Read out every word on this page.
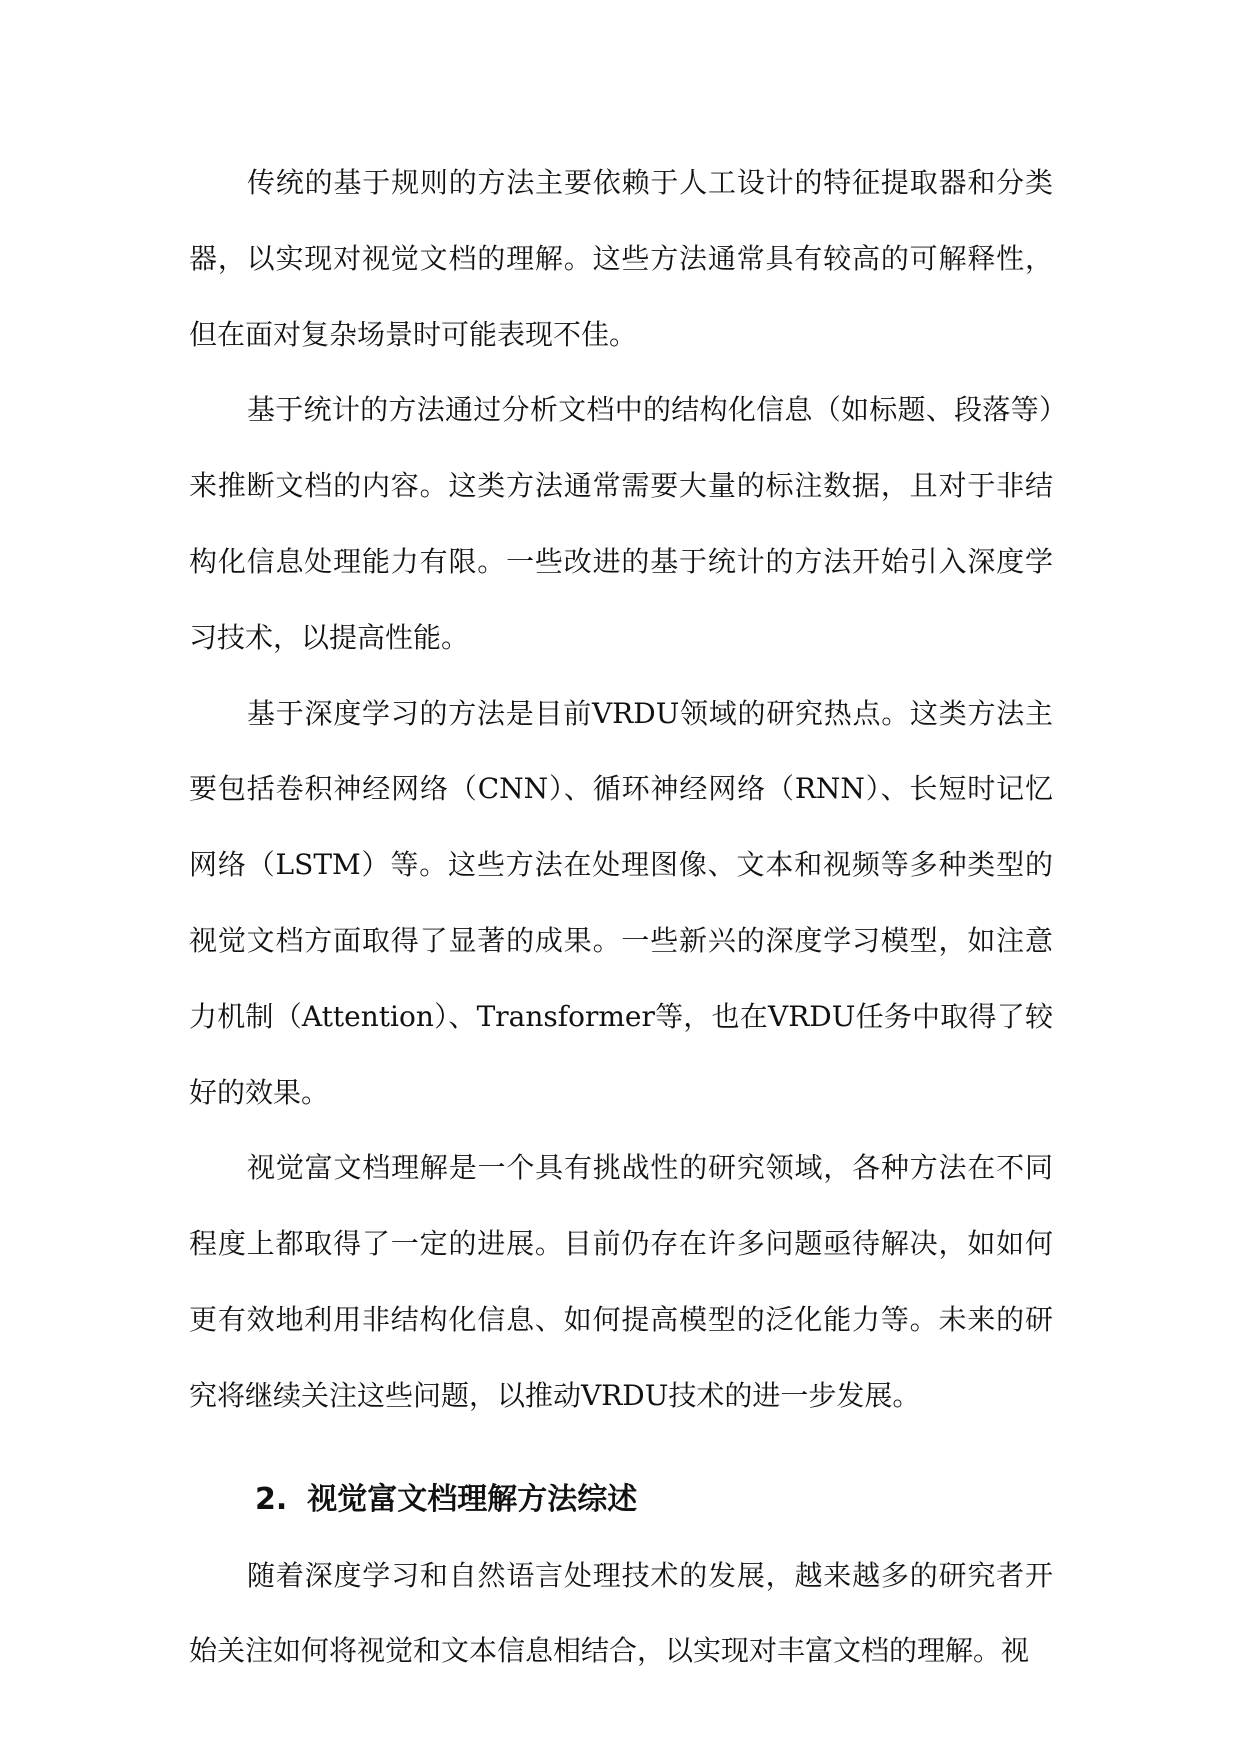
传统的基于规则的方法主要依赖于人工设计的特征提取器和分类器，以实现对视觉文档的理解。这些方法通常具有较高的可解释性，但在面对复杂场景时可能表现不佳。

基于统计的方法通过分析文档中的结构化信息（如标题、段落等）来推断文档的内容。这类方法通常需要大量的标注数据，且对于非结构化信息处理能力有限。一些改进的基于统计的方法开始引入深度学习技术，以提高性能。

基于深度学习的方法是目前VRDU领域的研究热点。这类方法主要包括卷积神经网络（CNN）、循环神经网络（RNN）、长短时记忆网络（LSTM）等。这些方法在处理图像、文本和视频等多种类型的视觉文档方面取得了显著的成果。一些新兴的深度学习模型，如注意力机制（Attention）、Transformer等，也在VRDU任务中取得了较好的效果。

视觉富文档理解是一个具有挑战性的研究领域，各种方法在不同程度上都取得了一定的进展。目前仍存在许多问题亟待解决，如如何更有效地利用非结构化信息、如何提高模型的泛化能力等。未来的研究将继续关注这些问题，以推动VRDU技术的进一步发展。

2. 视觉富文档理解方法综述

随着深度学习和自然语言处理技术的发展，越来越多的研究者开始关注如何将视觉和文本信息相结合，以实现对丰富文档的理解。视
